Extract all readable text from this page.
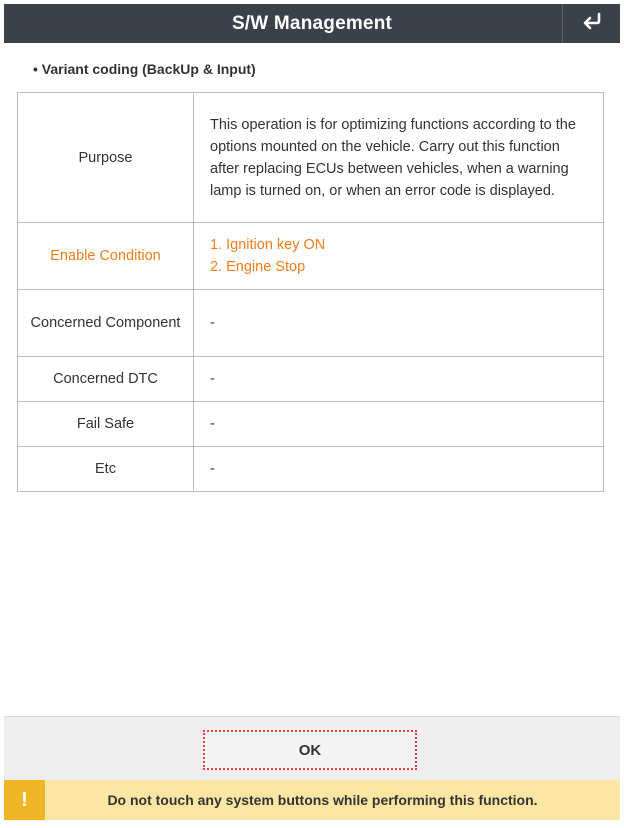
S/W Management
• Variant coding (BackUp & Input)
Purpose	This operation is for optimizing functions according to the options mounted on the vehicle. Carry out this function after replacing ECUs between vehicles, when a warning lamp is turned on, or when an error code is displayed.
Enable Condition	1. Ignition key ON
2. Engine Stop

Concerned Component	-
Concerned DTC	-
Fail Safe	-
Etc	-
OK
!	Do not touch any system buttons while performing this function.
